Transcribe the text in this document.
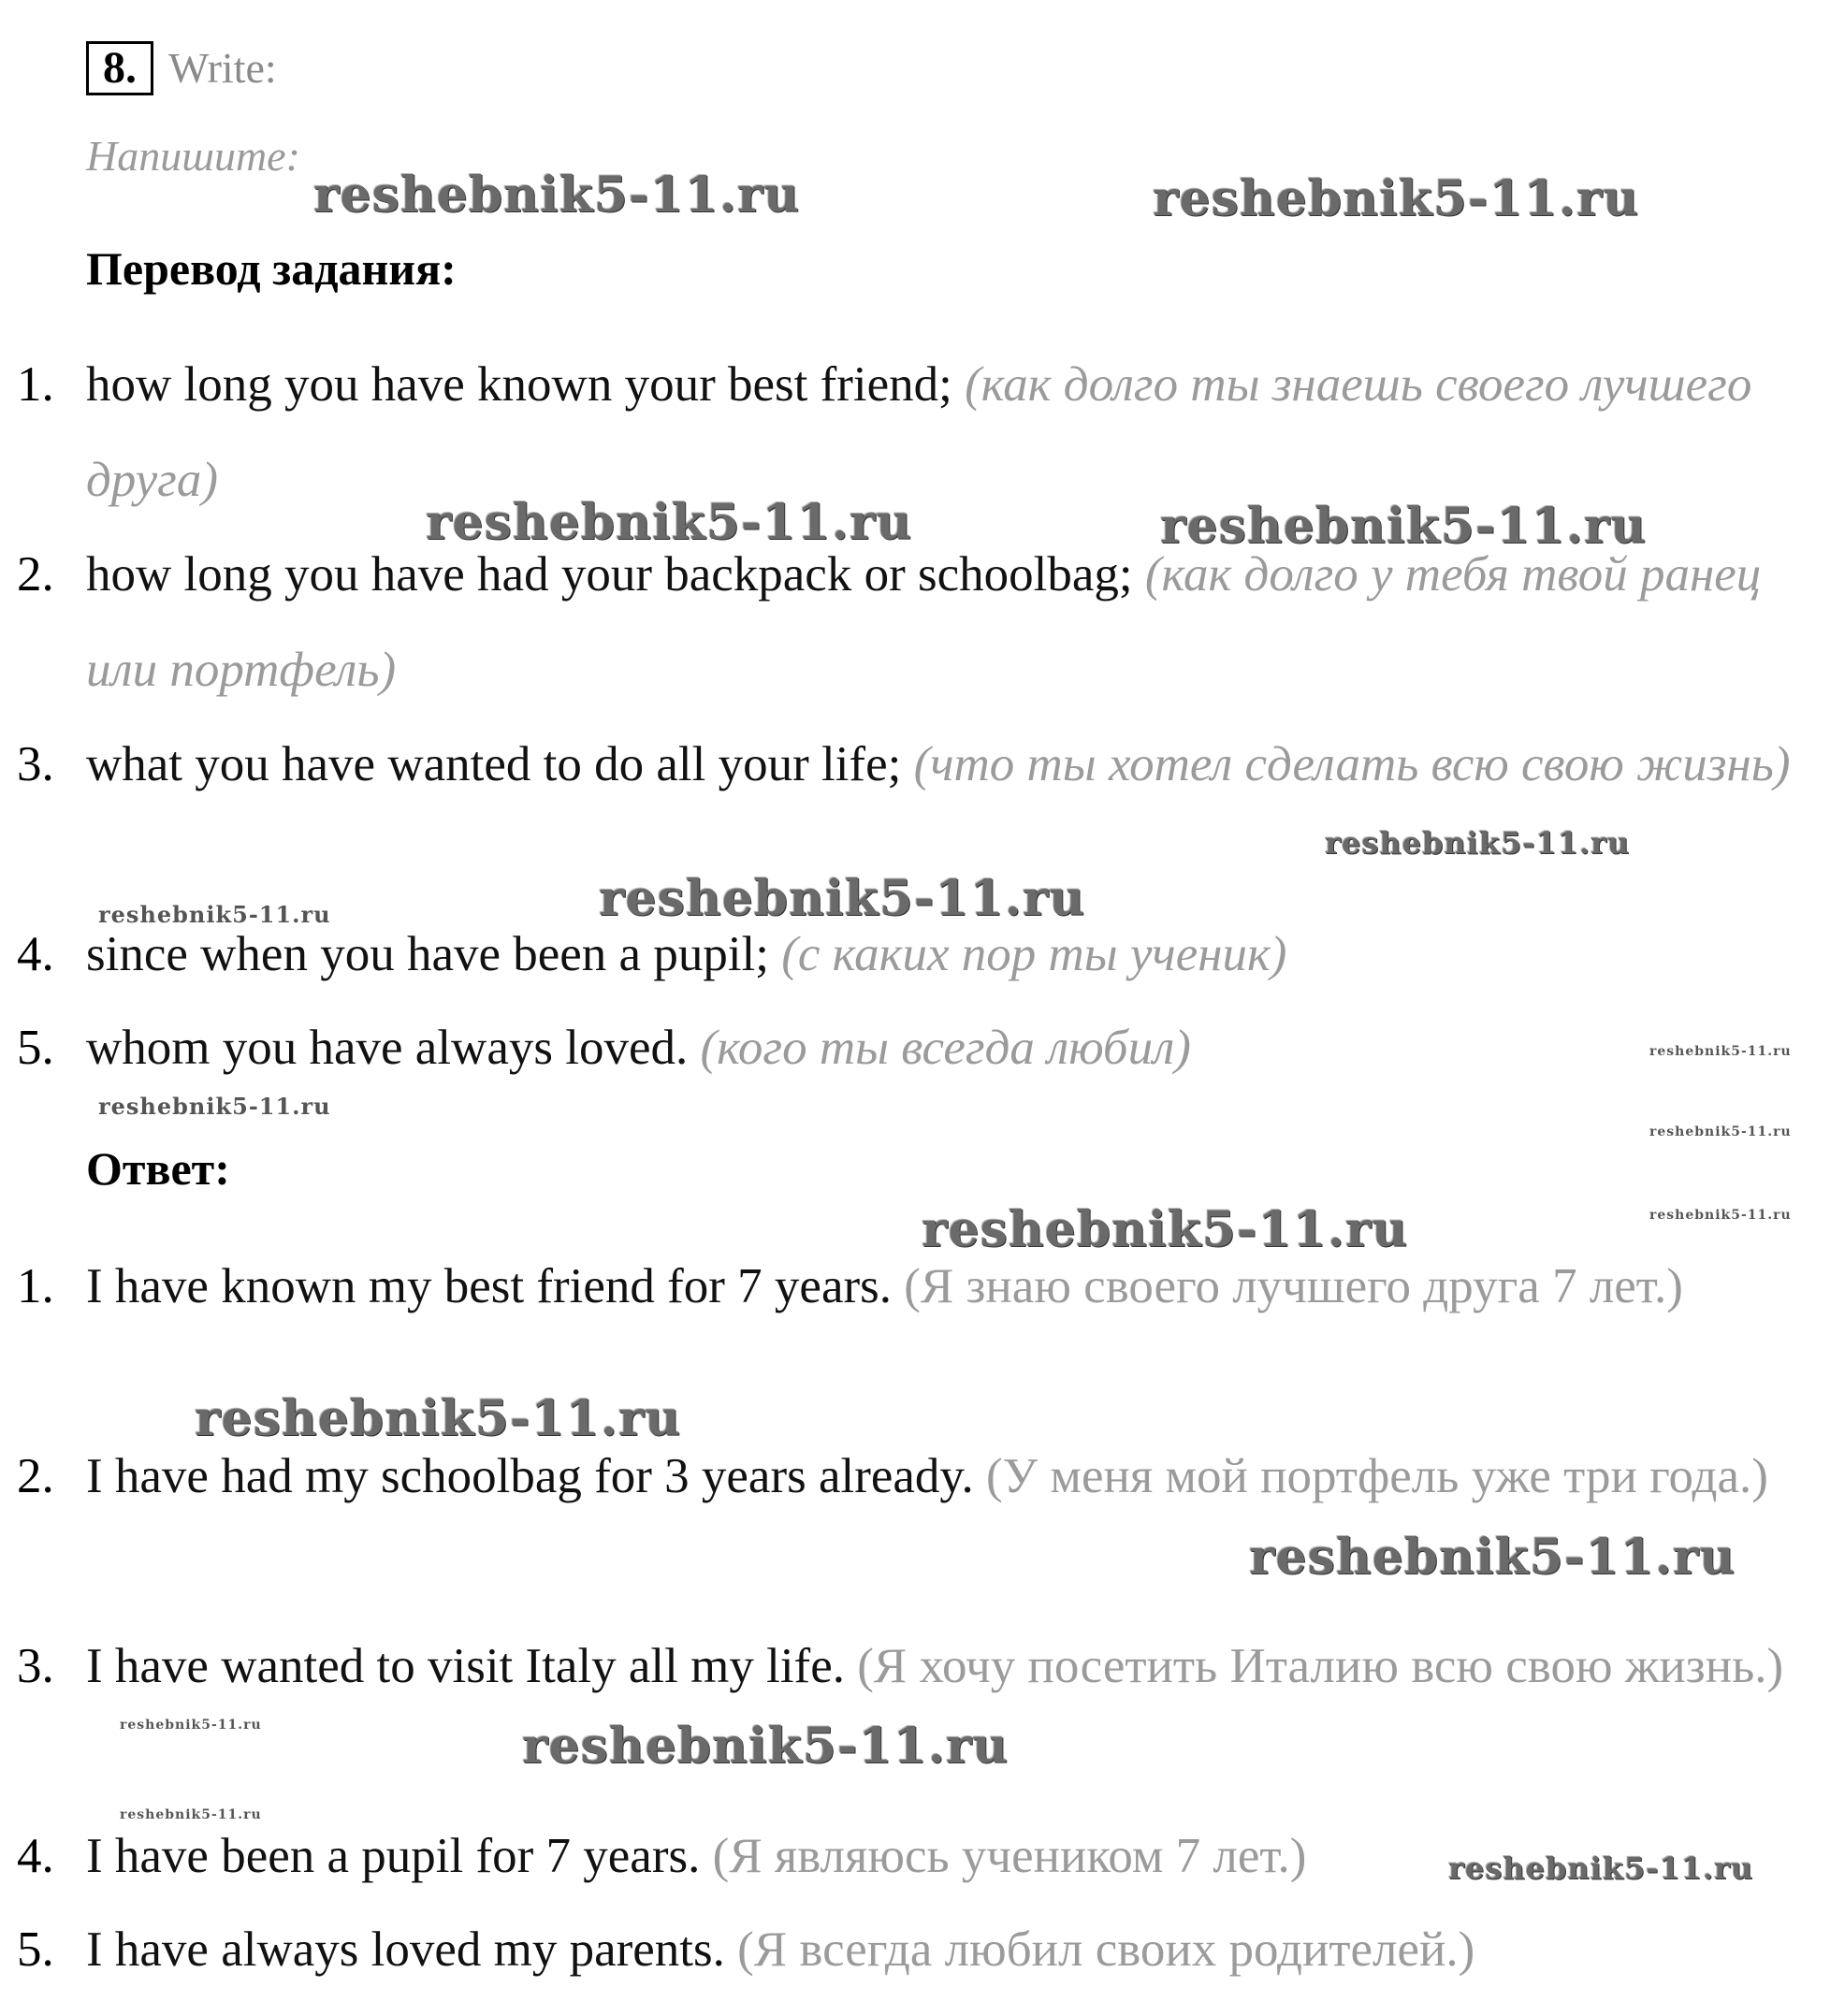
8. Write:
Напишите:
Перевод задания:
1. how long you have known your best friend; (как долго ты знаешь своего лучшего друга)
2. how long you have had your backpack or schoolbag; (как долго у тебя твой ранец или портфель)
3. what you have wanted to do all your life; (что ты хотел сделать всю свою жизнь)
4. since when you have been a pupil; (с каких пор ты ученик)
5. whom you have always loved. (кого ты всегда любил)
Ответ:
1. I have known my best friend for 7 years. (Я знаю своего лучшего друга 7 лет.)
2. I have had my schoolbag for 3 years already. (У меня мой портфель уже три года.)
3. I have wanted to visit Italy all my life. (Я хочу посетить Италию всю свою жизнь.)
4. I have been a pupil for 7 years. (Я являюсь учеником 7 лет.)
5. I have always loved my parents. (Я всегда любил своих родителей.)
reshebnik5-11.ru	reshebnik5-11.ru
reshebnik5-11.ru	reshebnik5-11.ru
reshebnik5-11.ru
reshebnik5-11.ru
reshebnik5-11.ru
reshebnik5-11.ru
reshebnik5-11.ru
reshebnik5-11.ru
reshebnik5-11.ru
reshebnik5-11.ru
reshebnik5-11.ru
reshebnik5-11.ru
reshebnik5-11.ru	reshebnik5-11.ru
reshebnik5-11.ru
reshebnik5-11.ru
